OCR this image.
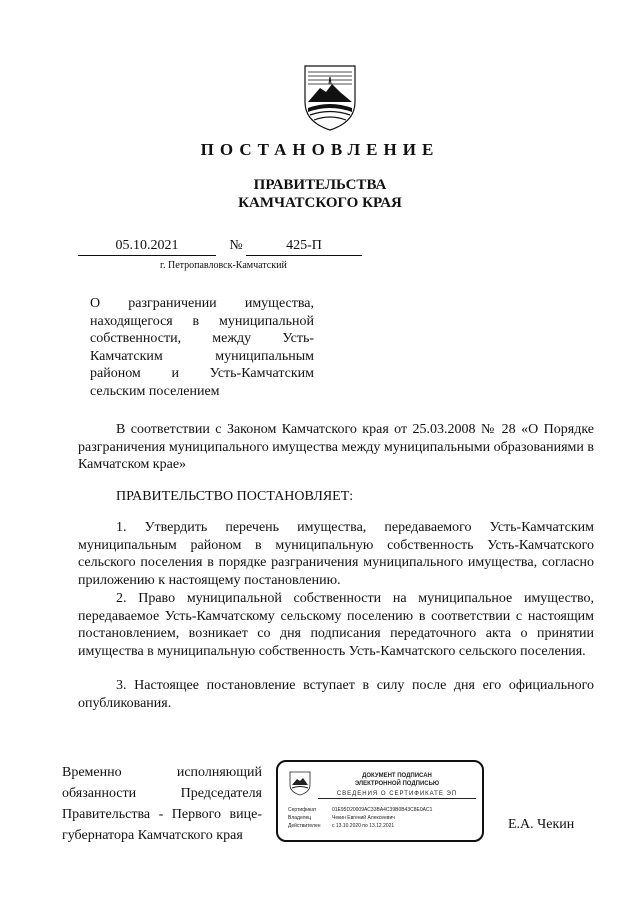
ПОСТАНОВЛЕНИЕ
ПРАВИТЕЛЬСТВА
КАМЧАТСКОГО КРАЯ
05.10.2021	№	425-П
г. Петропавловск-Камчатский
О разграничении имущества, находящегося в муниципальной собственности, между Усть-Камчатским муниципальным районом и Усть-Камчатским сельским поселением
В соответствии с Законом Камчатского края от 25.03.2008 № 28 «О Порядке разграничения муниципального имущества между муниципальными образованиями в Камчатском крае»
ПРАВИТЕЛЬСТВО ПОСТАНОВЛЯЕТ:
1. Утвердить перечень имущества, передаваемого Усть-Камчатским муниципальным районом в муниципальную собственность Усть-Камчатского сельского поселения в порядке разграничения муниципального имущества, согласно приложению к настоящему постановлению.
2. Право муниципальной собственности на муниципальное имущество, передаваемое Усть-Камчатскому сельскому поселению в соответствии с настоящим постановлением, возникает со дня подписания передаточного акта о принятии имущества в муниципальную собственность Усть-Камчатского сельского поселения.
3. Настоящее постановление вступает в силу после дня его официального опубликования.
Временно исполняющий
обязанности Председателя
Правительства - Первого вице-
губернатора Камчатского края
ДОКУМЕНТ ПОДПИСАН
ЭЛЕКТРОННОЙ ПОДПИСЬЮ
СВЕДЕНИЯ О СЕРТИФИКАТЕ ЭП
Сертификат	01E95D20009AC33BA4C39B0B43C8E0AC1
Владелец	Чекин Евгений Алексеевич
Действителен с 13.10.2020 по 13.12.2021	Е.А. Чекин
